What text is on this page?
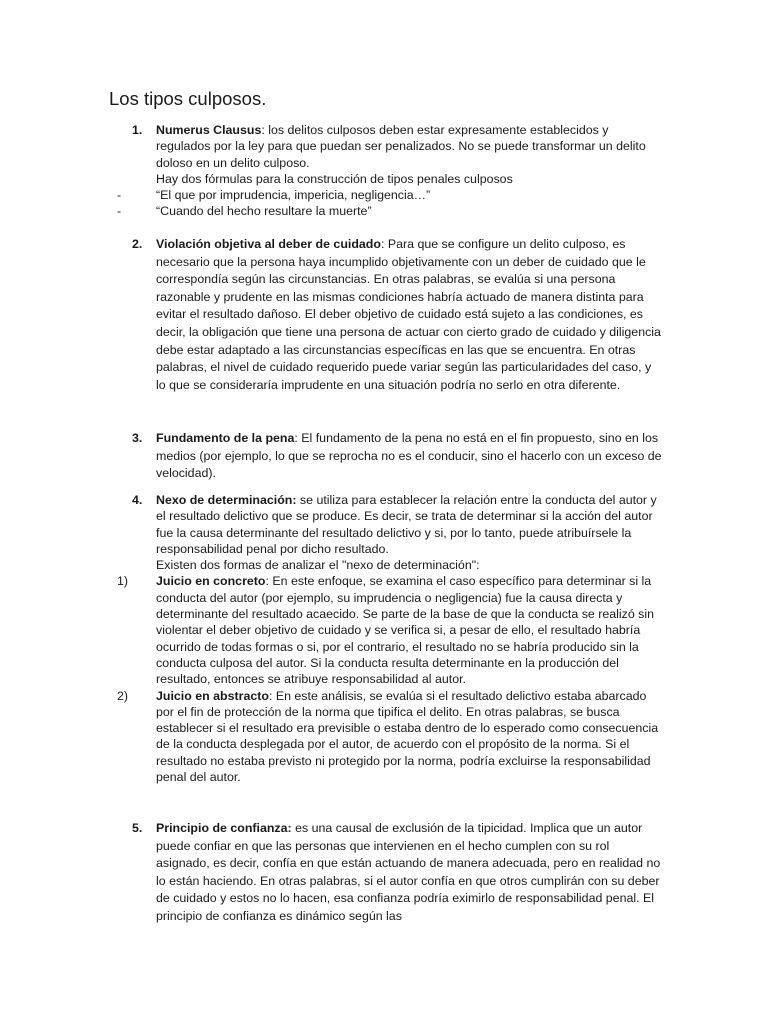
Los tipos culposos.
1. Numerus Clausus: los delitos culposos deben estar expresamente establecidos y regulados por la ley para que puedan ser penalizados. No se puede transformar un delito doloso en un delito culposo.

Hay dos fórmulas para la construcción de tipos penales culposos

-	“El que por imprudencia, impericia, negligencia…”
-	“Cuando del hecho resultare la muerte”
2. Violación objetiva al deber de cuidado: Para que se configure un delito culposo, es necesario que la persona haya incumplido objetivamente con un deber de cuidado que le correspondía según las circunstancias. En otras palabras, se evalúa si una persona razonable y prudente en las mismas condiciones habría actuado de manera distinta para evitar el resultado dañoso. El deber objetivo de cuidado está sujeto a las condiciones, es decir, la obligación que tiene una persona de actuar con cierto grado de cuidado y diligencia debe estar adaptado a las circunstancias específicas en las que se encuentra. En otras palabras, el nivel de cuidado requerido puede variar según las particularidades del caso, y lo que se consideraría imprudente en una situación podría no serlo en otra diferente.

3. Fundamento de la pena: El fundamento de la pena no está en el fin propuesto, sino en los medios (por ejemplo, lo que se reprocha no es el conducir, sino el hacerlo con un exceso de velocidad).

4. Nexo de determinación: se utiliza para establecer la relación entre la conducta del autor y el resultado delictivo que se produce. Es decir, se trata de determinar si la acción del autor fue la causa determinante del resultado delictivo y si, por lo tanto, puede atribuírsele la responsabilidad penal por dicho resultado.

Existen dos formas de analizar el "nexo de determinación":

1) Juicio en concreto: En este enfoque, se examina el caso específico para determinar si la conducta del autor (por ejemplo, su imprudencia o negligencia) fue la causa directa y determinante del resultado acaecido. Se parte de la base de que la conducta se realizó sin violentar el deber objetivo de cuidado y se verifica si, a pesar de ello, el resultado habría ocurrido de todas formas o si, por el contrario, el resultado no se habría producido sin la conducta culposa del autor. Si la conducta resulta determinante en la producción del resultado, entonces se atribuye responsabilidad al autor.
2) Juicio en abstracto: En este análisis, se evalúa si el resultado delictivo estaba abarcado por el fin de protección de la norma que tipifica el delito. En otras palabras, se busca establecer si el resultado era previsible o estaba dentro de lo esperado como consecuencia de la conducta desplegada por el autor, de acuerdo con el propósito de la norma. Si el resultado no estaba previsto ni protegido por la norma, podría excluirse la responsabilidad penal del autor.
5. Principio de confianza: es una causal de exclusión de la tipicidad. Implica que un autor puede confiar en que las personas que intervienen en el hecho cumplen con su rol asignado, es decir, confía en que están actuando de manera adecuada, pero en realidad no lo están haciendo. En otras palabras, si el autor confía en que otros cumplirán con su deber de cuidado y estos no lo hacen, esa confianza podría eximirlo de responsabilidad penal. El principio de confianza es dinámico según las
